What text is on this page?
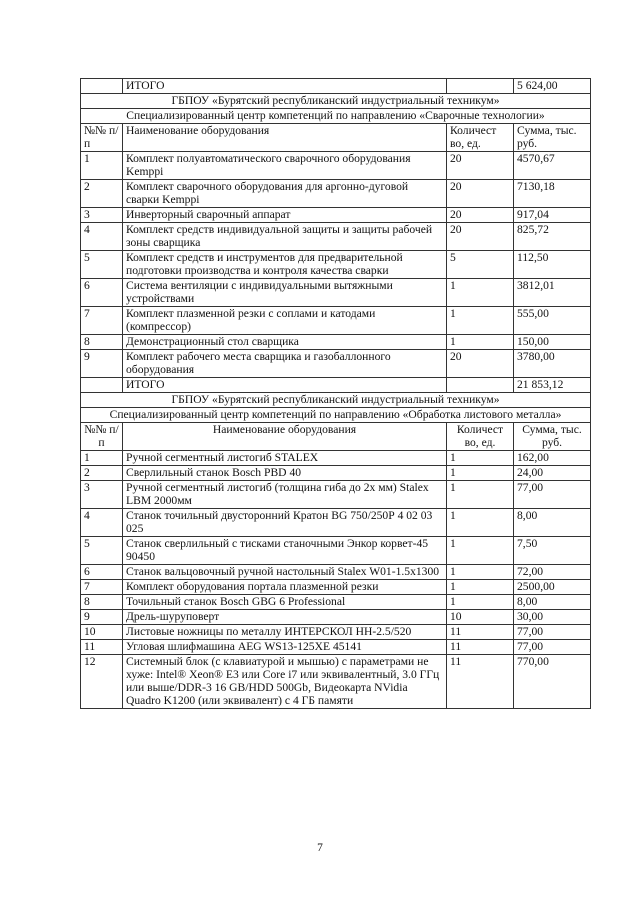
	ИТОГО		5 624,00
ГБПОУ «Бурятский республиканский индустриальный техникум»			
Специализированный центр компетенций по направлению «Сварочные технологии»			
№№ п/п	Наименование оборудования	Количест во, ед.	Сумма, тыс. руб.
1	Комплект полуавтоматического сварочного оборудования Kemppi	20	4570,67
2	Комплект сварочного оборудования для аргонно-дуговой сварки Kemppi	20	7130,18
3	Инверторный сварочный аппарат	20	917,04
4	Комплект средств индивидуальной защиты и защиты рабочей зоны сварщика	20	825,72
5	Комплект средств и инструментов для предварительной подготовки производства и контроля качества сварки	5	112,50
6	Система вентиляции с индивидуальными вытяжными устройствами	1	3812,01
7	Комплект плазменной резки с соплами и катодами (компрессор)	1	555,00
8	Демонстрационный стол сварщика	1	150,00
9	Комплект рабочего места сварщика и газобаллонного оборудования	20	3780,00
	ИТОГО		21 853,12
ГБПОУ «Бурятский республиканский индустриальный техникум»			
Специализированный центр компетенций по направлению «Обработка листового металла»			
№№ п/п	Наименование оборудования	Количест во, ед.	Сумма, тыс. руб.
1	Ручной сегментный листогиб STALEX	1	162,00
2	Сверлильный станок Bosch PBD 40	1	24,00
3	Ручной сегментный листогиб (толщина гиба до 2х мм) Stalex LBM 2000мм	1	77,00
4	Станок точильный двусторонний Кратон BG 750/250Р 4 02 03 025	1	8,00
5	Станок сверлильный с тисками станочными Энкор корвет-45 90450	1	7,50
6	Станок вальцовочный ручной настольный Stalex W01-1.5x1300	1	72,00
7	Комплект оборудования портала плазменной резки	1	2500,00
8	Точильный станок Bosch GBG 6 Professional	1	8,00
9	Дрель-шуруповерт	10	30,00
10	Листовые ножницы по металлу ИНТЕРСКОЛ НН-2.5/520	11	77,00
11	Угловая шлифмашина AEG WS13-125XE 45141	11	77,00
12	Системный блок (с клавиатурой и мышью) с параметрами не хуже: Intel® Xeon® E3 или Core i7 или эквивалентный, 3.0 ГГц или выше/DDR-3 16 GB/HDD 500Gb, Видеокарта NVidia Quadro K1200 (или эквивалент) с 4 ГБ памяти	11	770,00
7
